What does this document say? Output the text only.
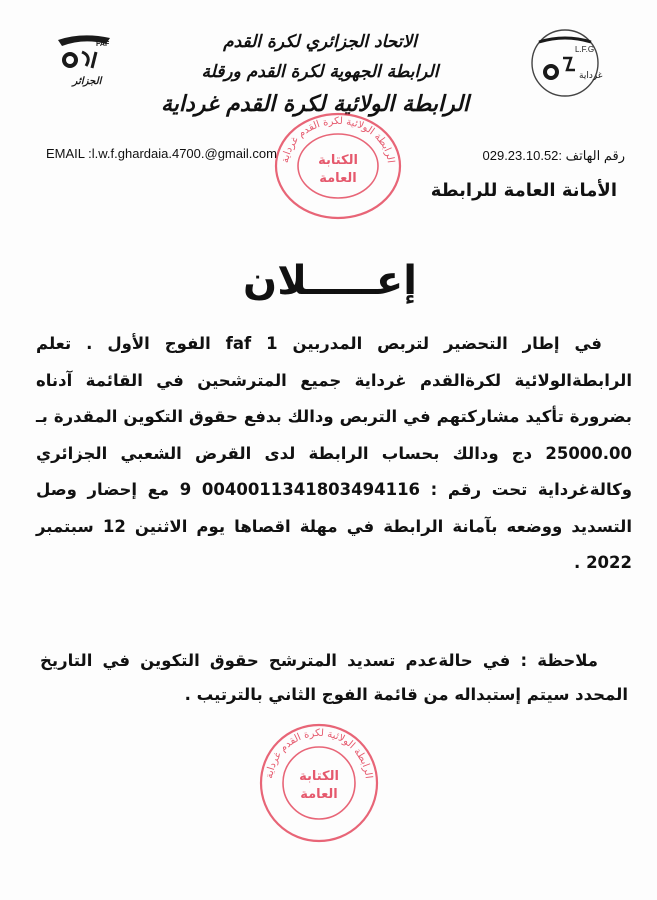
FAF
الجزائر
L.F.G
غرداية
الاتحاد الجزائري لكرة القدم
الرابطة الجهوية لكرة القدم ورقلة
الرابطة الولائية لكرة القدم غرداية
الرابطة الولائية لكرة القدم غرداية
الكتابة
العامة
EMAIL :l.w.f.ghardaia.4700.@gmail.com	رقم الهاتف :029.23.10.52
الأمانة العامة للرابطة
إعـــــلان

في إطار التحضير لتربص المدربين faf 1 الفوج الأول . تعلم الرابطةالولائية لكرةالقدم غرداية جميع المترشحين في القائمة آدناه بضرورة تأكيد مشاركتهم في التربص ودالك بدفع حقوق التكوين المقدرة بـ 25000.00 دج ودالك بحساب الرابطة لدى القرض الشعبي الجزائري وكالةغرداية تحت رقم : 0040011341803494116 9 مع إحضار وصل التسديد ووضعه بآمانة الرابطة في مهلة اقصاها يوم الاثنين 12 سبتمبر 2022 .

ملاحظة : في حالةعدم تسديد المترشح حقوق التكوين في التاريخ المحدد سيتم إستبداله من قائمة الفوج الثاني بالترتيب .

الرابطة الولائية لكرة القدم غرداية
الكتابة
العامة
